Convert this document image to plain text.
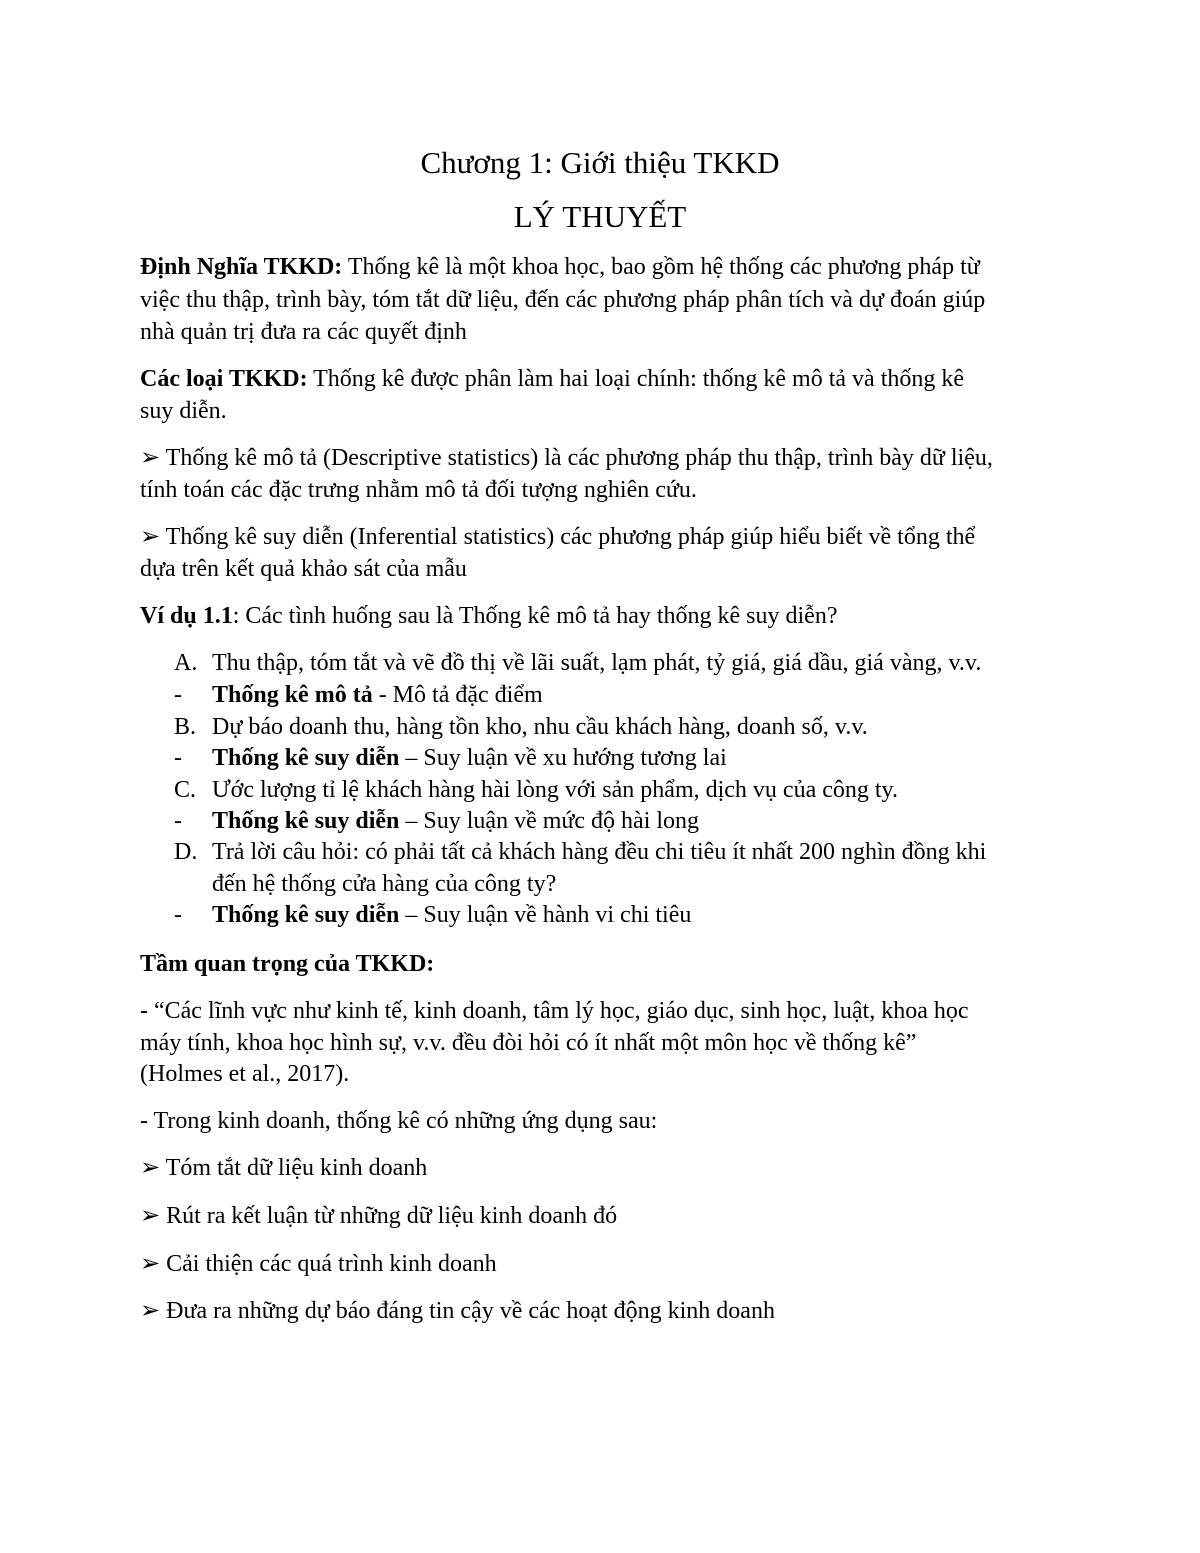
Chương 1: Giới thiệu TKKD
LÝ THUYẾT
Định Nghĩa TKKD: Thống kê là một khoa học, bao gồm hệ thống các phương pháp từ
việc thu thập, trình bày, tóm tắt dữ liệu, đến các phương pháp phân tích và dự đoán giúp
nhà quản trị đưa ra các quyết định
Các loại TKKD: Thống kê được phân làm hai loại chính: thống kê mô tả và thống kê
suy diễn.
➢ Thống kê mô tả (Descriptive statistics) là các phương pháp thu thập, trình bày dữ liệu,
tính toán các đặc trưng nhằm mô tả đối tượng nghiên cứu.
➢ Thống kê suy diễn (Inferential statistics) các phương pháp giúp hiểu biết về tổng thể
dựa trên kết quả khảo sát của mẫu
Ví dụ 1.1: Các tình huống sau là Thống kê mô tả hay thống kê suy diễn?
A. Thu thập, tóm tắt và vẽ đồ thị về lãi suất, lạm phát, tỷ giá, giá dầu, giá vàng, v.v.
- Thống kê mô tả - Mô tả đặc điểm
B. Dự báo doanh thu, hàng tồn kho, nhu cầu khách hàng, doanh số, v.v.
- Thống kê suy diễn – Suy luận về xu hướng tương lai
C. Ước lượng tỉ lệ khách hàng hài lòng với sản phẩm, dịch vụ của công ty.
- Thống kê suy diễn – Suy luận về mức độ hài long
D. Trả lời câu hỏi: có phải tất cả khách hàng đều chi tiêu ít nhất 200 nghìn đồng khi
đến hệ thống cửa hàng của công ty?
- Thống kê suy diễn – Suy luận về hành vi chi tiêu
Tầm quan trọng của TKKD:
- “Các lĩnh vực như kinh tế, kinh doanh, tâm lý học, giáo dục, sinh học, luật, khoa học
máy tính, khoa học hình sự, v.v. đều đòi hỏi có ít nhất một môn học về thống kê”
(Holmes et al., 2017).
- Trong kinh doanh, thống kê có những ứng dụng sau:
➢ Tóm tắt dữ liệu kinh doanh
➢ Rút ra kết luận từ những dữ liệu kinh doanh đó
➢ Cải thiện các quá trình kinh doanh
➢ Đưa ra những dự báo đáng tin cậy về các hoạt động kinh doanh
